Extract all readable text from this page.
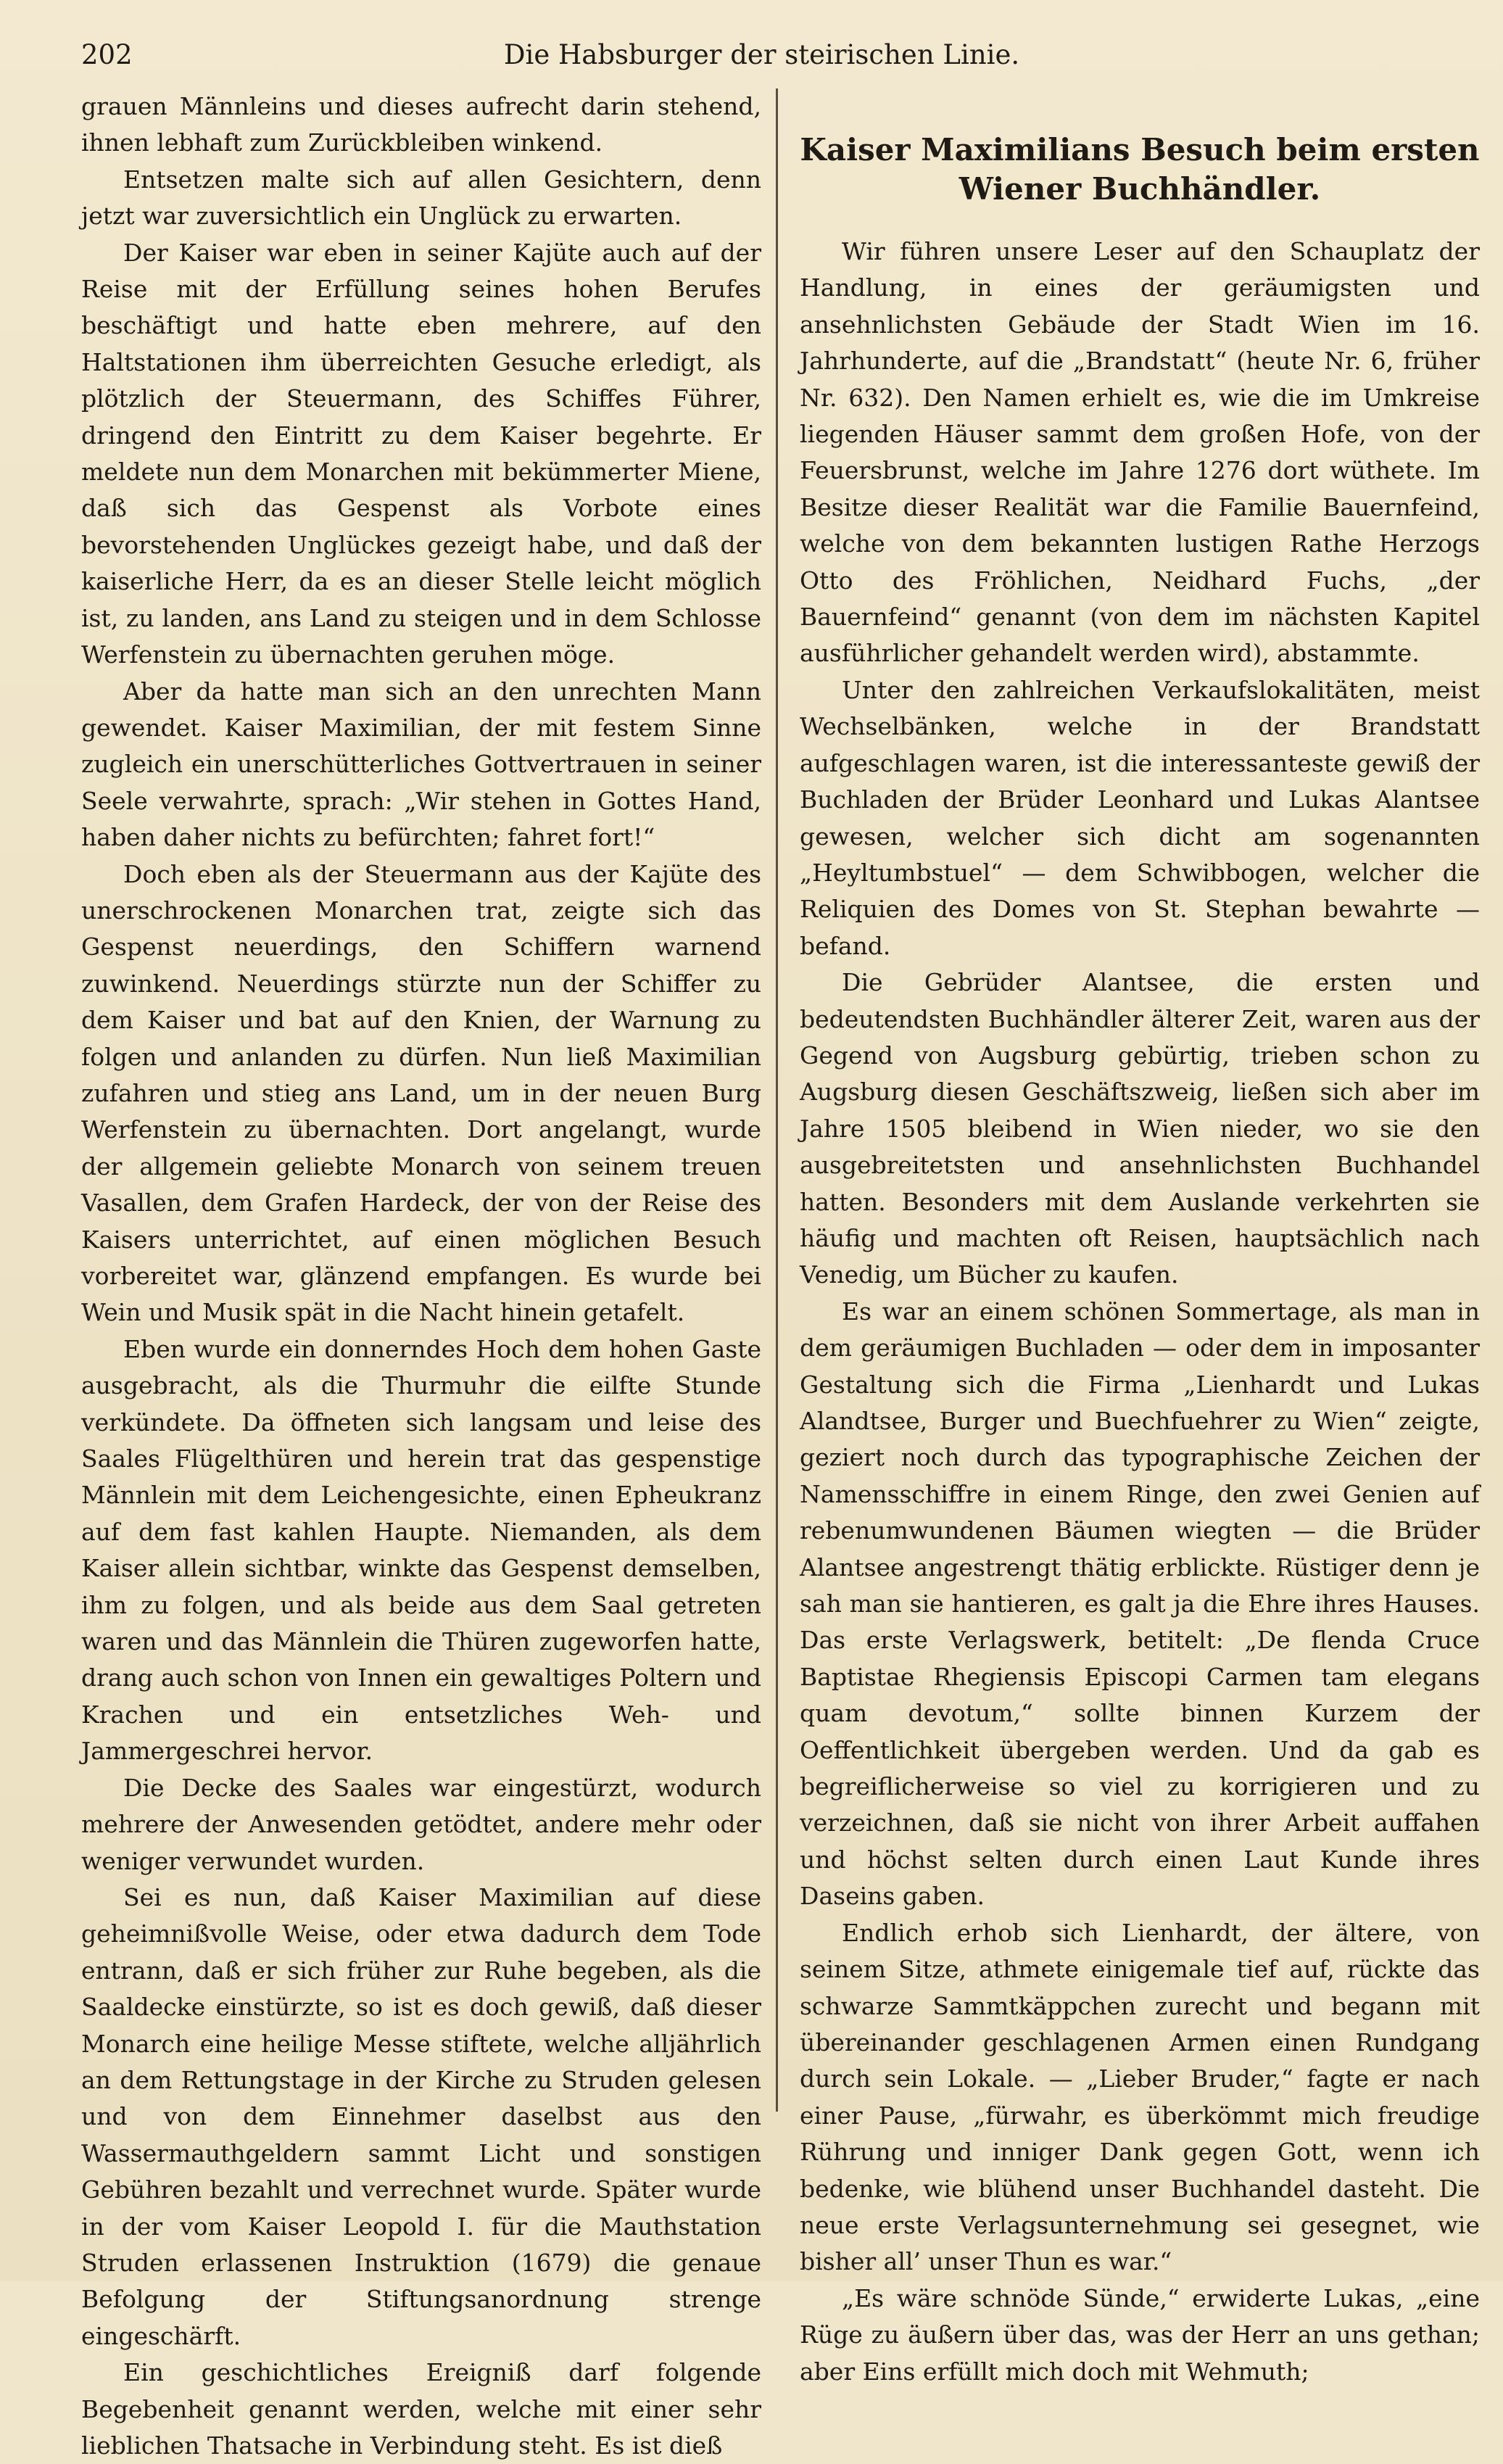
202	Die Habsburger der steirischen Linie.

grauen Männleins und dieses aufrecht darin stehend, ihnen lebhaft zum Zurückbleiben winkend.

Entsetzen malte sich auf allen Gesichtern, denn jetzt war zuversichtlich ein Unglück zu erwarten.

Der Kaiser war eben in seiner Kajüte auch auf der Reise mit der Erfüllung seines hohen Berufes beschäftigt und hatte eben mehrere, auf den Haltstationen ihm überreichten Gesuche erledigt, als plötzlich der Steuermann, des Schiffes Führer, dringend den Eintritt zu dem Kaiser begehrte. Er meldete nun dem Monarchen mit bekümmerter Miene, daß sich das Gespenst als Vorbote eines bevorstehenden Unglückes gezeigt habe, und daß der kaiserliche Herr, da es an dieser Stelle leicht möglich ist, zu landen, ans Land zu steigen und in dem Schlosse Werfenstein zu übernachten geruhen möge.

Aber da hatte man sich an den unrechten Mann gewendet. Kaiser Maximilian, der mit festem Sinne zugleich ein unerschütterliches Gottvertrauen in seiner Seele verwahrte, sprach: „Wir stehen in Gottes Hand, haben daher nichts zu befürchten; fahret fort!“

Doch eben als der Steuermann aus der Kajüte des unerschrockenen Monarchen trat, zeigte sich das Gespenst neuerdings, den Schiffern warnend zuwinkend. Neuerdings stürzte nun der Schiffer zu dem Kaiser und bat auf den Knien, der Warnung zu folgen und anlanden zu dürfen. Nun ließ Maximilian zufahren und stieg ans Land, um in der neuen Burg Werfenstein zu übernachten. Dort angelangt, wurde der allgemein geliebte Monarch von seinem treuen Vasallen, dem Grafen Hardeck, der von der Reise des Kaisers unterrichtet, auf einen möglichen Besuch vorbereitet war, glänzend empfangen. Es wurde bei Wein und Musik spät in die Nacht hinein getafelt.

Eben wurde ein donnerndes Hoch dem hohen Gaste ausgebracht, als die Thurmuhr die eilfte Stunde verkündete. Da öffneten sich langsam und leise des Saales Flügelthüren und herein trat das gespenstige Männlein mit dem Leichengesichte, einen Epheukranz auf dem fast kahlen Haupte. Niemanden, als dem Kaiser allein sichtbar, winkte das Gespenst demselben, ihm zu folgen, und als beide aus dem Saal getreten waren und das Männlein die Thüren zugeworfen hatte, drang auch schon von Innen ein gewaltiges Poltern und Krachen und ein entsetzliches Weh- und Jammergeschrei hervor.

Die Decke des Saales war eingestürzt, wodurch mehrere der Anwesenden getödtet, andere mehr oder weniger verwundet wurden.

Sei es nun, daß Kaiser Maximilian auf diese geheimnißvolle Weise, oder etwa dadurch dem Tode entrann, daß er sich früher zur Ruhe begeben, als die Saaldecke einstürzte, so ist es doch gewiß, daß dieser Monarch eine heilige Messe stiftete, welche alljährlich an dem Rettungstage in der Kirche zu Struden gelesen und von dem Einnehmer daselbst aus den Wassermauthgeldern sammt Licht und sonstigen Gebühren bezahlt und verrechnet wurde. Später wurde in der vom Kaiser Leopold I. für die Mauthstation Struden erlassenen Instruktion (1679) die genaue Befolgung der Stiftungsanordnung strenge eingeschärft.

Ein geschichtliches Ereigniß darf folgende Begebenheit genannt werden, welche mit einer sehr lieblichen Thatsache in Verbindung steht. Es ist dieß

Kaiser Maximilians Besuch beim ersten Wiener Buchhändler.

Wir führen unsere Leser auf den Schauplatz der Handlung, in eines der geräumigsten und ansehnlichsten Gebäude der Stadt Wien im 16. Jahrhunderte, auf die „Brandstatt“ (heute Nr. 6, früher Nr. 632). Den Namen erhielt es, wie die im Umkreise liegenden Häuser sammt dem großen Hofe, von der Feuersbrunst, welche im Jahre 1276 dort wüthete. Im Besitze dieser Realität war die Familie Bauernfeind, welche von dem bekannten lustigen Rathe Herzogs Otto des Fröhlichen, Neidhard Fuchs, „der Bauernfeind“ genannt (von dem im nächsten Kapitel ausführlicher gehandelt werden wird), abstammte.

Unter den zahlreichen Verkaufslokalitäten, meist Wechselbänken, welche in der Brandstatt aufgeschlagen waren, ist die interessanteste gewiß der Buchladen der Brüder Leonhard und Lukas Alantsee gewesen, welcher sich dicht am sogenannten „Heyltumbstuel“ — dem Schwibbogen, welcher die Reliquien des Domes von St. Stephan bewahrte — befand.

Die Gebrüder Alantsee, die ersten und bedeutendsten Buchhändler älterer Zeit, waren aus der Gegend von Augsburg gebürtig, trieben schon zu Augsburg diesen Geschäftszweig, ließen sich aber im Jahre 1505 bleibend in Wien nieder, wo sie den ausgebreitetsten und ansehnlichsten Buchhandel hatten. Besonders mit dem Auslande verkehrten sie häufig und machten oft Reisen, hauptsächlich nach Venedig, um Bücher zu kaufen.

Es war an einem schönen Sommertage, als man in dem geräumigen Buchladen — oder dem in imposanter Gestaltung sich die Firma „Lienhardt und Lukas Alandtsee, Burger und Buechfuehrer zu Wien“ zeigte, geziert noch durch das typographische Zeichen der Namensschiffre in einem Ringe, den zwei Genien auf rebenumwundenen Bäumen wiegten — die Brüder Alantsee angestrengt thätig erblickte. Rüstiger denn je sah man sie hantieren, es galt ja die Ehre ihres Hauses. Das erste Verlagswerk, betitelt: „De flenda Cruce Baptistae Rhegiensis Episcopi Carmen tam elegans quam devotum,“ sollte binnen Kurzem der Oeffentlichkeit übergeben werden. Und da gab es begreiflicherweise so viel zu korrigieren und zu verzeichnen, daß sie nicht von ihrer Arbeit auffahen und höchst selten durch einen Laut Kunde ihres Daseins gaben.

Endlich erhob sich Lienhardt, der ältere, von seinem Sitze, athmete einigemale tief auf, rückte das schwarze Sammtkäppchen zurecht und begann mit übereinander geschlagenen Armen einen Rundgang durch sein Lokale. — „Lieber Bruder,“ fagte er nach einer Pause, „fürwahr, es überkömmt mich freudige Rührung und inniger Dank gegen Gott, wenn ich bedenke, wie blühend unser Buchhandel dasteht. Die neue erste Verlagsunternehmung sei gesegnet, wie bisher all’ unser Thun es war.“

„Es wäre schnöde Sünde,“ erwiderte Lukas, „eine Rüge zu äußern über das, was der Herr an uns gethan; aber Eins erfüllt mich doch mit Wehmuth;
